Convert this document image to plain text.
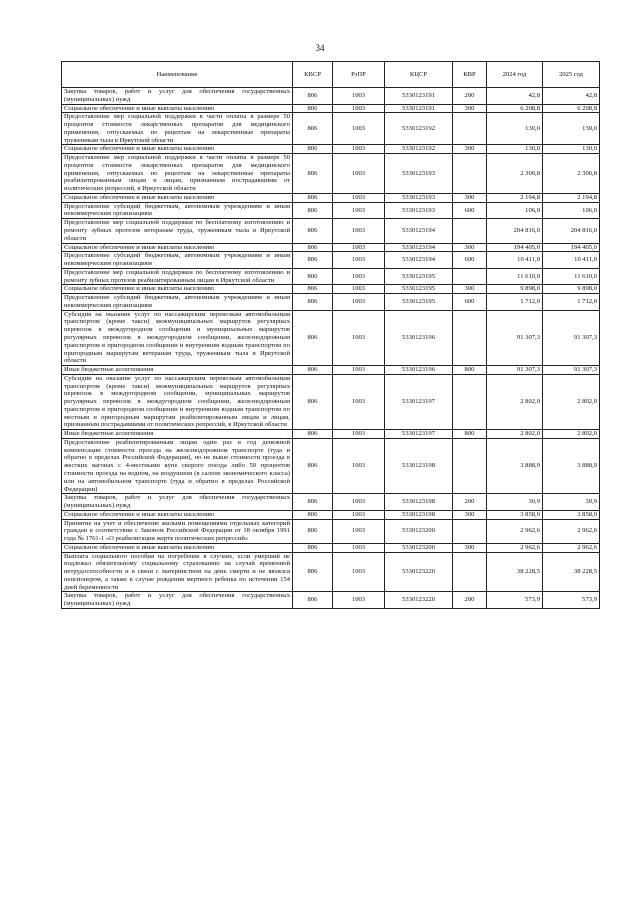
34
Наименование	КВСР	РзПР	КЦСР	КВР	2024 год	2025 год
Закупка товаров, работ и услуг для обеспечения государственных (муниципальных) нужд	806	1003	5330123191	200	42,8	42,8
Социальное обеспечение и иные выплаты населению	806	1003	5330123191	300	6 208,8	6 208,8
Предоставление мер социальной поддержки в части оплаты в размере 50 процентов стоимости лекарственных препаратов для медицинского применения, отпускаемых по рецептам на лекарственные препараты труженикам тыла в Иркутской области	806	1003	5330123192		130,0	130,0
Социальное обеспечение и иные выплаты населению	806	1003	5330123192	300	130,0	130,0
Предоставление мер социальной поддержки в части оплаты в размере 50 процентов стоимости лекарственных препаратов для медицинского применения, отпускаемых по рецептам на лекарственные препараты реабилитированным лицам и лицам, признанным пострадавшими от политических репрессий, в Иркутской области	806	1003	5330123193		2 300,8	2 300,8
Социальное обеспечение и иные выплаты населению	806	1003	5330123193	300	2 194,8	2 194,8
Предоставление субсидий бюджетным, автономным учреждениям и иным некоммерческим организациям	806	1003	5330123193	600	106,0	106,0
Предоставление мер социальной поддержки по бесплатному изготовлению и ремонту зубных протезов ветеранам труда, труженикам тыла в Иркутской области	806	1003	5330123194		204 816,0	204 816,0
Социальное обеспечение и иные выплаты населению	806	1003	5330123194	300	194 405,0	194 405,0
Предоставление субсидий бюджетным, автономным учреждениям и иным некоммерческим организациям	806	1003	5330123194	600	10 411,0	10 411,0
Предоставление мер социальной поддержки по бесплатному изготовлению и ремонту зубных протезов реабилитированным лицам в Иркутской области	806	1003	5330123195		11 610,0	11 610,0
Социальное обеспечение и иные выплаты населению	806	1003	5330123195	300	9 898,0	9 898,0
Предоставление субсидий бюджетным, автономным учреждениям и иным некоммерческим организациям	806	1003	5330123195	600	1 712,0	1 712,0
Субсидия на оказание услуг по пассажирским перевозкам автомобильным транспортом (кроме такси) межмуниципальных маршрутов регулярных перевозок в междугородном сообщении и муниципальных маршрутов регулярных перевозок в междугородном сообщении, железнодорожным транспортом в пригородном сообщении и внутренним водным транспортом по пригородным маршрутам ветеранам труда, труженикам тыла в Иркутской области	806	1003	5330123196		91 307,3	91 307,3
Иные бюджетные ассигнования	806	1003	5330123196	800	91 307,3	91 307,3
Субсидии на оказание услуг по пассажирским перевозкам автомобильным транспортом (кроме такси) межмуниципальных маршрутов регулярных перевозок в междугородном сообщении, муниципальных маршрутов регулярных перевозок в междугородном сообщении, железнодорожным транспортом в пригородном сообщении и внутренним водным транспортом по местным и пригородным маршрутам реабилитированным лицам и лицам, признанным пострадавшими от политических репрессий, в Иркутской области	806	1003	5330123197		2 802,0	2 802,0
Иные бюджетные ассигнования	806	1003	5330123197	800	2 802,0	2 802,0
Предоставление реабилитированным лицам один раз в год денежной компенсации стоимости проезда на железнодорожном транспорте (туда и обратно в пределах Российской Федерации), но не выше стоимости проезда в жестких вагонах с 4-местными купе скорого поезда либо 50 процентов стоимости проезда на водном, на воздушном (в салоне экономического класса) или на автомобильном транспорте (туда и обратно в пределах Российской Федерации)	806	1003	5330123198		3 888,9	3 888,9
Закупка товаров, работ и услуг для обеспечения государственных (муниципальных) нужд	806	1003	5330123198	200	30,9	30,9
Социальное обеспечение и иные выплаты населению	806	1003	5330123198	300	3 858,0	3 858,0
Принятие на учет и обеспечение жилыми помещениями отдельных категорий граждан в соответствии с Законом Российской Федерации от 18 октября 1991 года № 1761-1 «О реабилитации жертв политических репрессий»	806	1003	5330123200		2 962,6	2 962,6
Социальное обеспечение и иные выплаты населению	806	1003	5330123200	300	2 962,6	2 962,6
Выплата социального пособия на погребение в случаях, если умерший не подлежал обязательному социальному страхованию на случай временной нетрудоспособности и в связи с материнством на день смерти и не являлся пенсионером, а также в случае рождения мертвого ребенка по истечении 154 дней беременности	806	1003	5330123220		38 228,5	38 228,5
Закупка товаров, работ и услуг для обеспечения государственных (муниципальных) нужд	806	1003	5330123220	200	573,9	573,9
